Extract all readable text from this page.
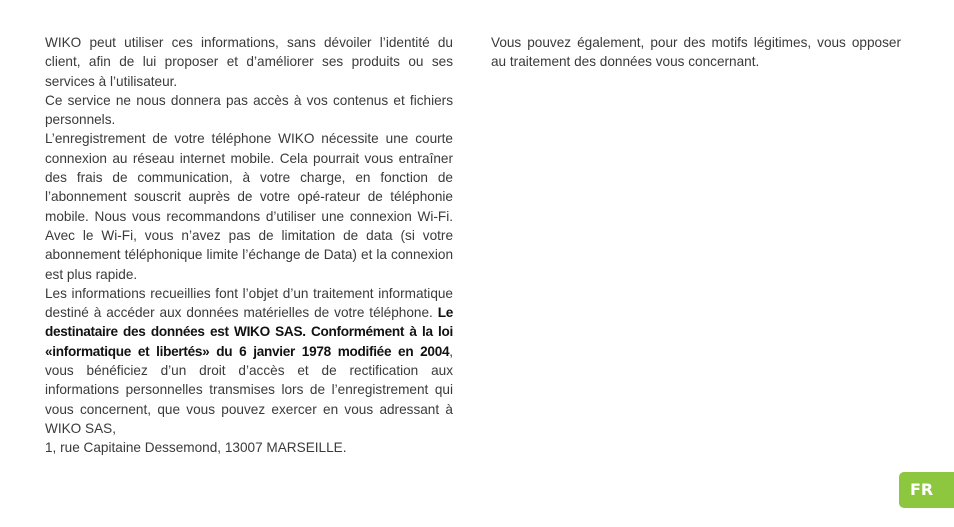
WIKO peut utiliser ces informations, sans dévoiler l’identité du client, afin de lui proposer et d’améliorer ses produits ou ses services à l’utilisateur.

Ce service ne nous donnera pas accès à vos contenus et fichiers personnels.

L’enregistrement de votre téléphone WIKO nécessite une courte connexion au réseau internet mobile. Cela pourrait vous entraîner des frais de communication, à votre charge, en fonction de l’abonnement souscrit auprès de votre opé-rateur de téléphonie mobile. Nous vous recommandons d’utiliser une connexion Wi-Fi. Avec le Wi-Fi, vous n’avez pas de limitation de data (si votre abonnement téléphonique limite l’échange de Data) et la connexion est plus rapide.

Les informations recueillies font l’objet d’un traitement informatique destiné à accéder aux données matérielles de votre téléphone. Le destinataire des données est WIKO SAS. Conformément à la loi «informatique et libertés» du 6 janvier 1978 modifiée en 2004, vous bénéficiez d’un droit d’accès et de rectification aux informations personnelles transmises lors de l’enregistrement qui vous concernent, que vous pouvez exercer en vous adressant à WIKO SAS,

1, rue Capitaine Dessemond, 13007 MARSEILLE.

Vous pouvez également, pour des motifs légitimes, vous opposer au traitement des données vous concernant.

FR
